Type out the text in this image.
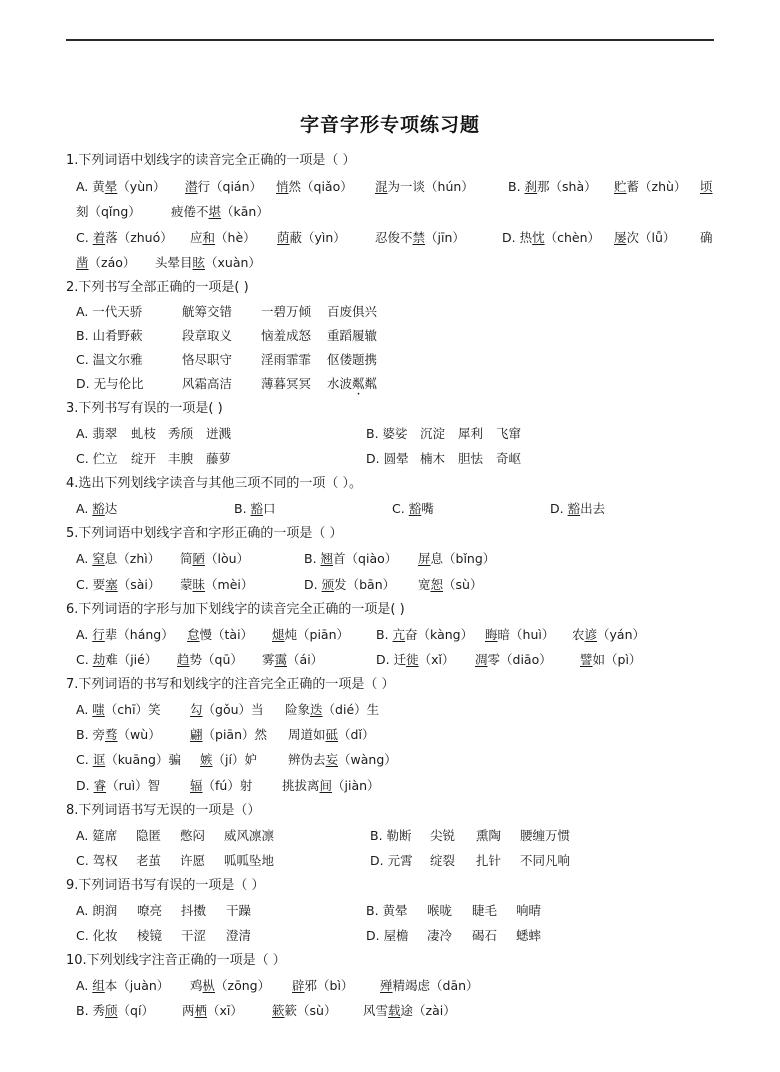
字音字形专项练习题
1.下列词语中划线字的读音完全正确的一项是（ ）
A. 黄晕（yùn） 潜行（qián） 悄然（qiǎo） 混为一谈（hún）	B. 刹那（shà） 贮蓄（zhù） 顷
刻（qǐng） 疲倦不堪（kān）
C. 着落（zhuó） 应和（hè） 荫蔽（yìn） 忍俊不禁（jīn）	D. 热忱（chèn） 屡次（lǚ） 确
凿（záo） 头晕目眩（xuàn）
2.下列书写全部正确的一项是( )
A. 一代天骄	觥筹交错 一碧万倾 百废俱兴
B. 山肴野蔌	段章取义 恼羞成怒 重蹈履辙
C. 温文尔雅	恪尽职守 淫雨霏霏 伛偻题携
D. 无与伦比	风霜高洁 薄暮冥冥 水波粼粼
3.下列书写有误的一项是( )
A. 翡翠 虬枝 秀颀 迸溅	B. 婆娑 沉淀 犀利 飞窜
C. 伫立 绽开 丰腴 藤萝	D. 圆晕 楠木 胆怯 奇岖
4.选出下列划线字读音与其他三项不同的一项（ ）。
A. 豁达	B. 豁口	C. 豁嘴	D. 豁出去
5.下列词语中划线字音和字形正确的一项是（ ）
A. 窒息（zhì） 简陋（lòu）	B. 翘首（qiào） 屏息（bǐng）
C. 要塞（sài） 蒙昧（mèi）	D. 颁发（bān） 宽恕（sù）
6.下列词语的字形与加下划线字的读音完全正确的一项是( )
A. 行辈（háng） 怠慢（tài） 煺炖（piān） B. 亢奋（kàng） 晦暗（huì） 农谚（yán）
C. 劫难（jié） 趋势（qū） 雾霭（ái）	D. 迁徙（xǐ） 凋零（diāo） 譬如（pì）
7.下列词语的书写和划线字的注音完全正确的一项是（ ）
A. 嗤（chī）笑 勾（gǒu）当 险象迭（dié）生
B. 旁骛（wù） 翩（piān）然 周道如砥（dǐ）
C. 诓（kuāng）骗 嫉（jí）妒 辨伪去妄（wàng）
D. 睿（ruì）智 辐（fú）射 挑拔离间（jiàn）
8.下列词语书写无误的一项是（）
A. 筵席 隐匿 憋闷 威风凛凛	B. 勒断 尖锐 熏陶 腰缠万惯
C. 驾权 老茧 许愿 呱呱坠地	D. 元霄 绽裂 扎针 不同凡响
9.下列词语书写有误的一项是（ ）
A. 朗润 嘹亮 抖擞 干躁	B. 黄晕 喉咙 睫毛 响晴
C. 化妆 棱镜 干涩 澄清	D. 屋檐 凄冷 碣石 蟋蟀
10.下列划线字注音正确的一项是（ ）
A. 组本（juàn） 鸡枞（zōng） 辟邪（bì） 殚精竭虑（dān）
B. 秀颀（qí） 两栖（xī） 簌簌（sù） 风雪载途（zài）
